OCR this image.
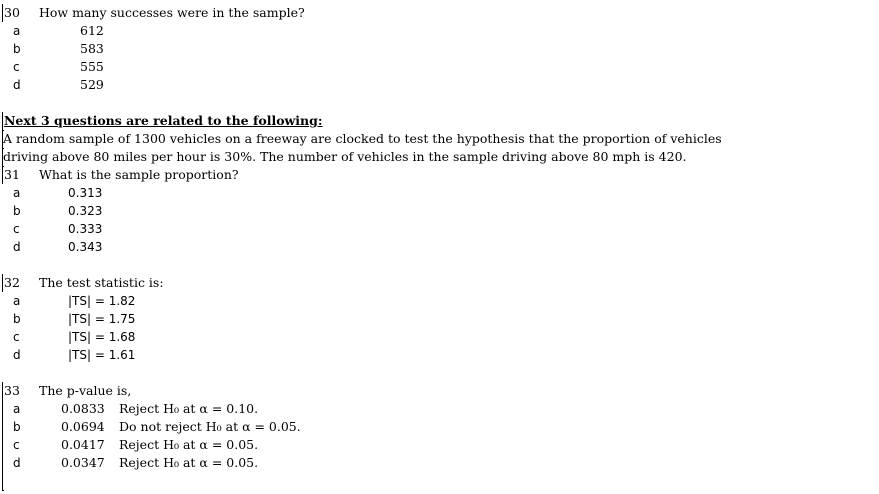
30 How many successes were in the sample?
a	612
b	583
c	555
d	529
Next 3 questions are related to the following:
A random sample of 1300 vehicles on a freeway are clocked to test the hypothesis that the proportion of vehicles
driving above 80 miles per hour is 30%. The number of vehicles in the sample driving above 80 mph is 420.
31 What is the sample proportion?
a	0.313
b	0.323
c	0.333
d	0.343
32 The test statistic is:
a	|TS| = 1.82
b	|TS| = 1.75
c	|TS| = 1.68
d	|TS| = 1.61
33 The p-value is,
a	0.0833 Reject H₀ at α = 0.10.
b	0.0694 Do not reject H₀ at α = 0.05.
c	0.0417 Reject H₀ at α = 0.05.
d	0.0347 Reject H₀ at α = 0.05.
